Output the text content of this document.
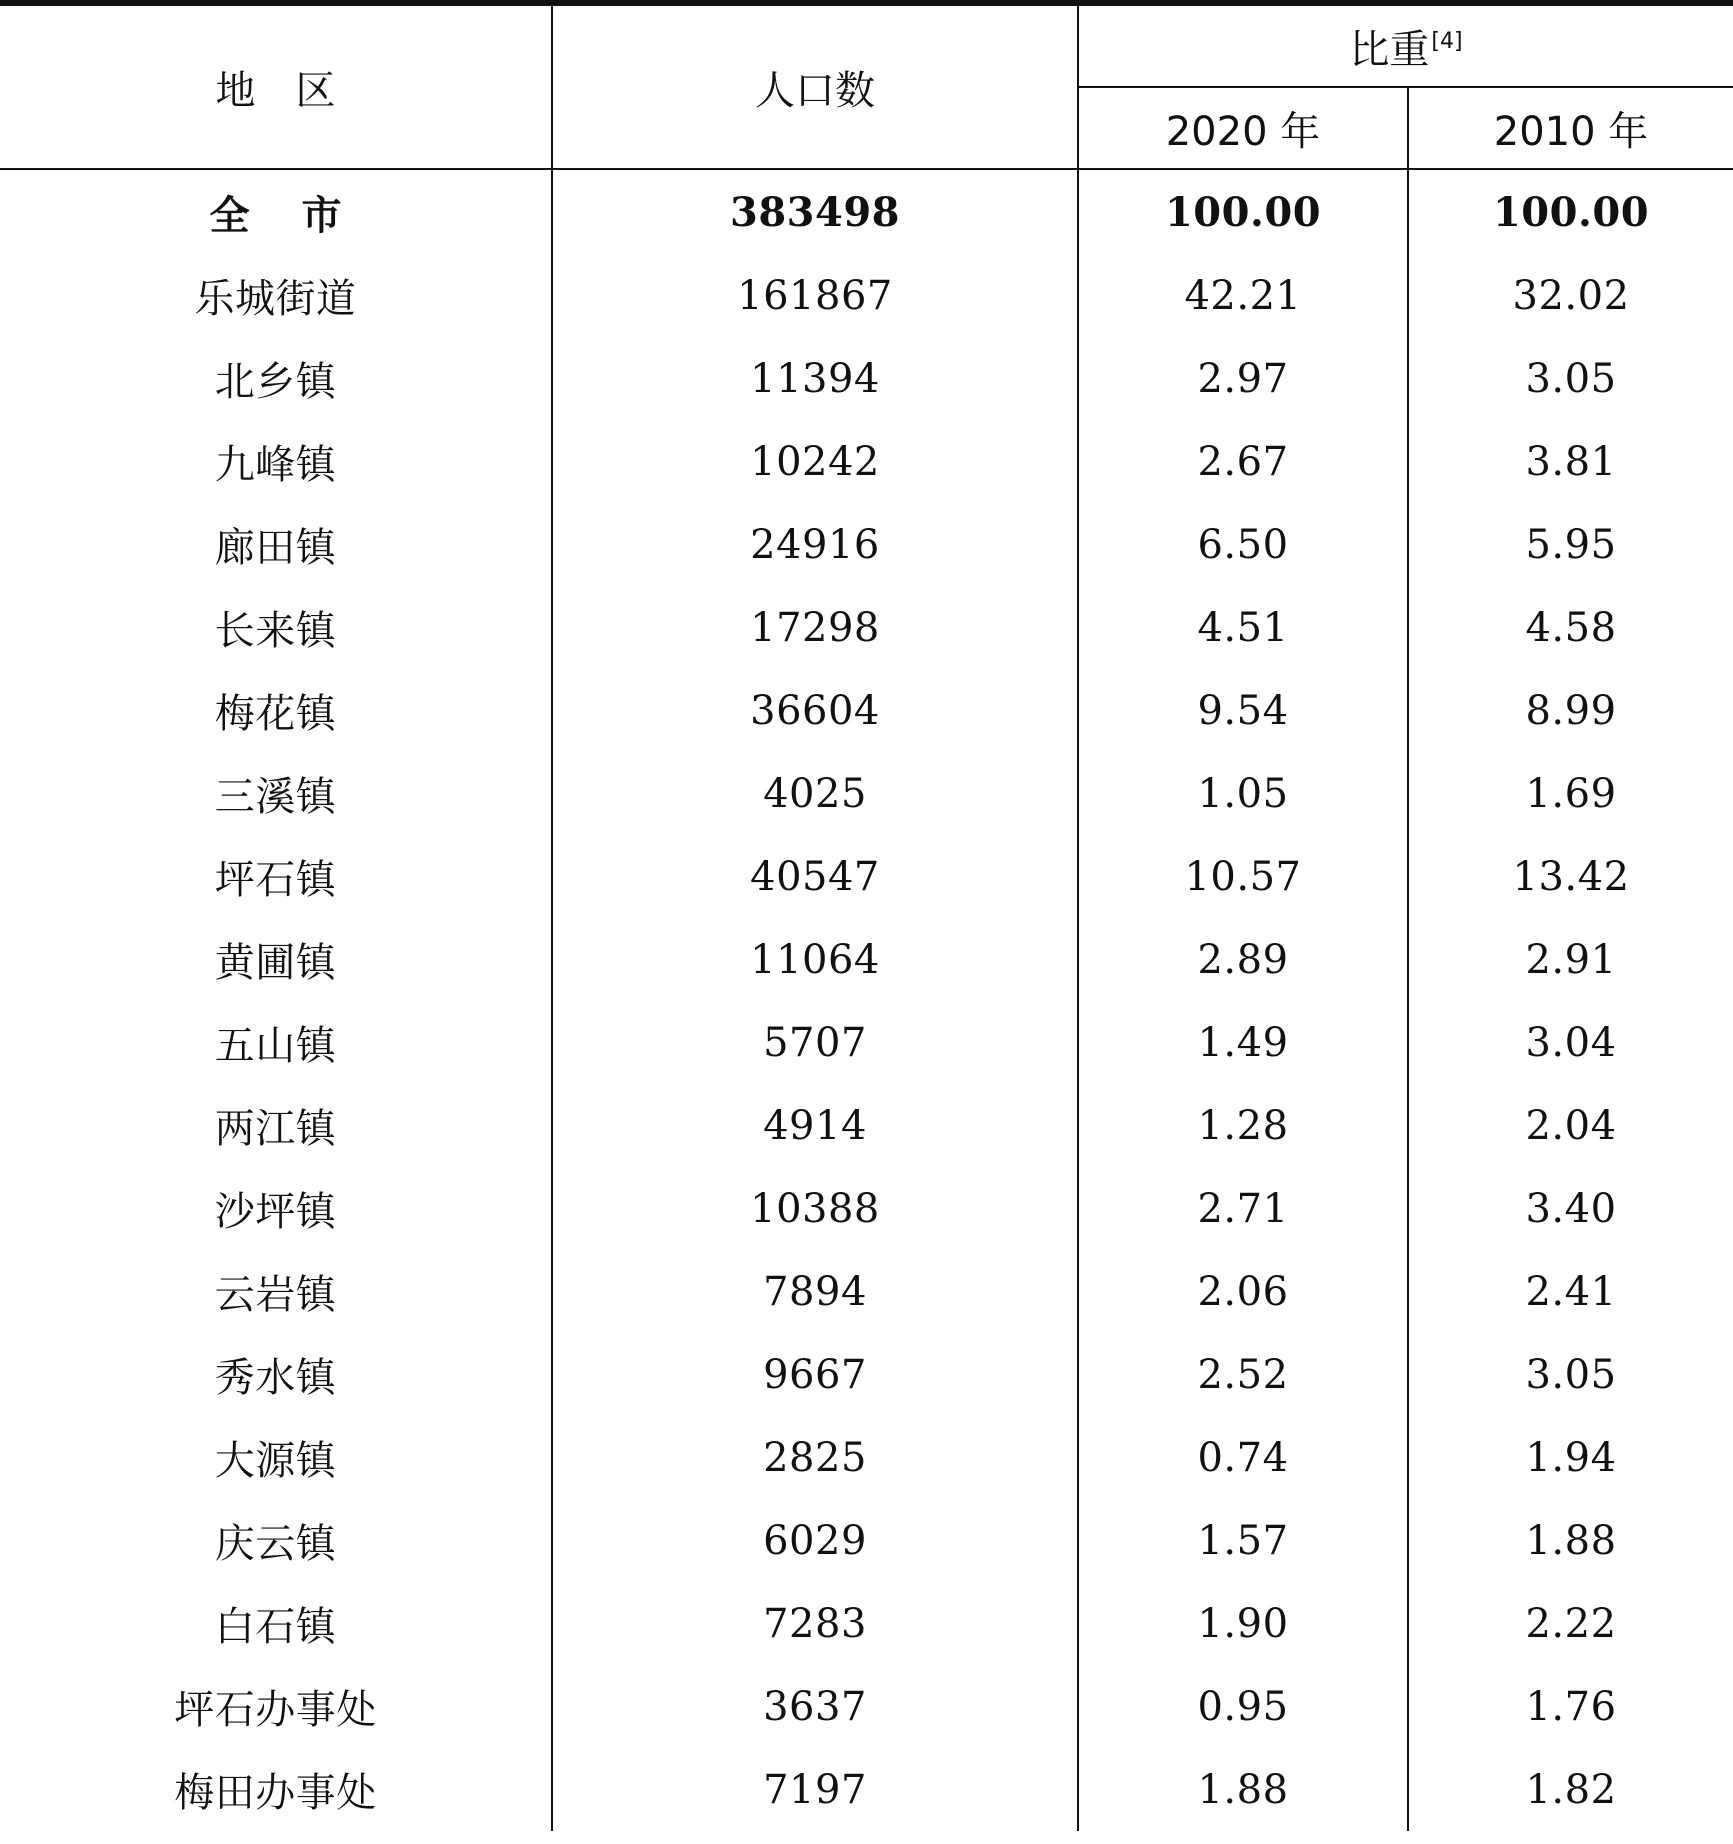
地　区	人口数	比重[4]
		2020 年	2010 年
全市	383498	100.00	100.00
乐城街道	161867	42.21	32.02
北乡镇	11394	2.97	3.05
九峰镇	10242	2.67	3.81
廊田镇	24916	6.50	5.95
长来镇	17298	4.51	4.58
梅花镇	36604	9.54	8.99
三溪镇	4025	1.05	1.69
坪石镇	40547	10.57	13.42
黄圃镇	11064	2.89	2.91
五山镇	5707	1.49	3.04
两江镇	4914	1.28	2.04
沙坪镇	10388	2.71	3.40
云岩镇	7894	2.06	2.41
秀水镇	9667	2.52	3.05
大源镇	2825	0.74	1.94
庆云镇	6029	1.57	1.88
白石镇	7283	1.90	2.22
坪石办事处	3637	0.95	1.76
梅田办事处	7197	1.88	1.82
